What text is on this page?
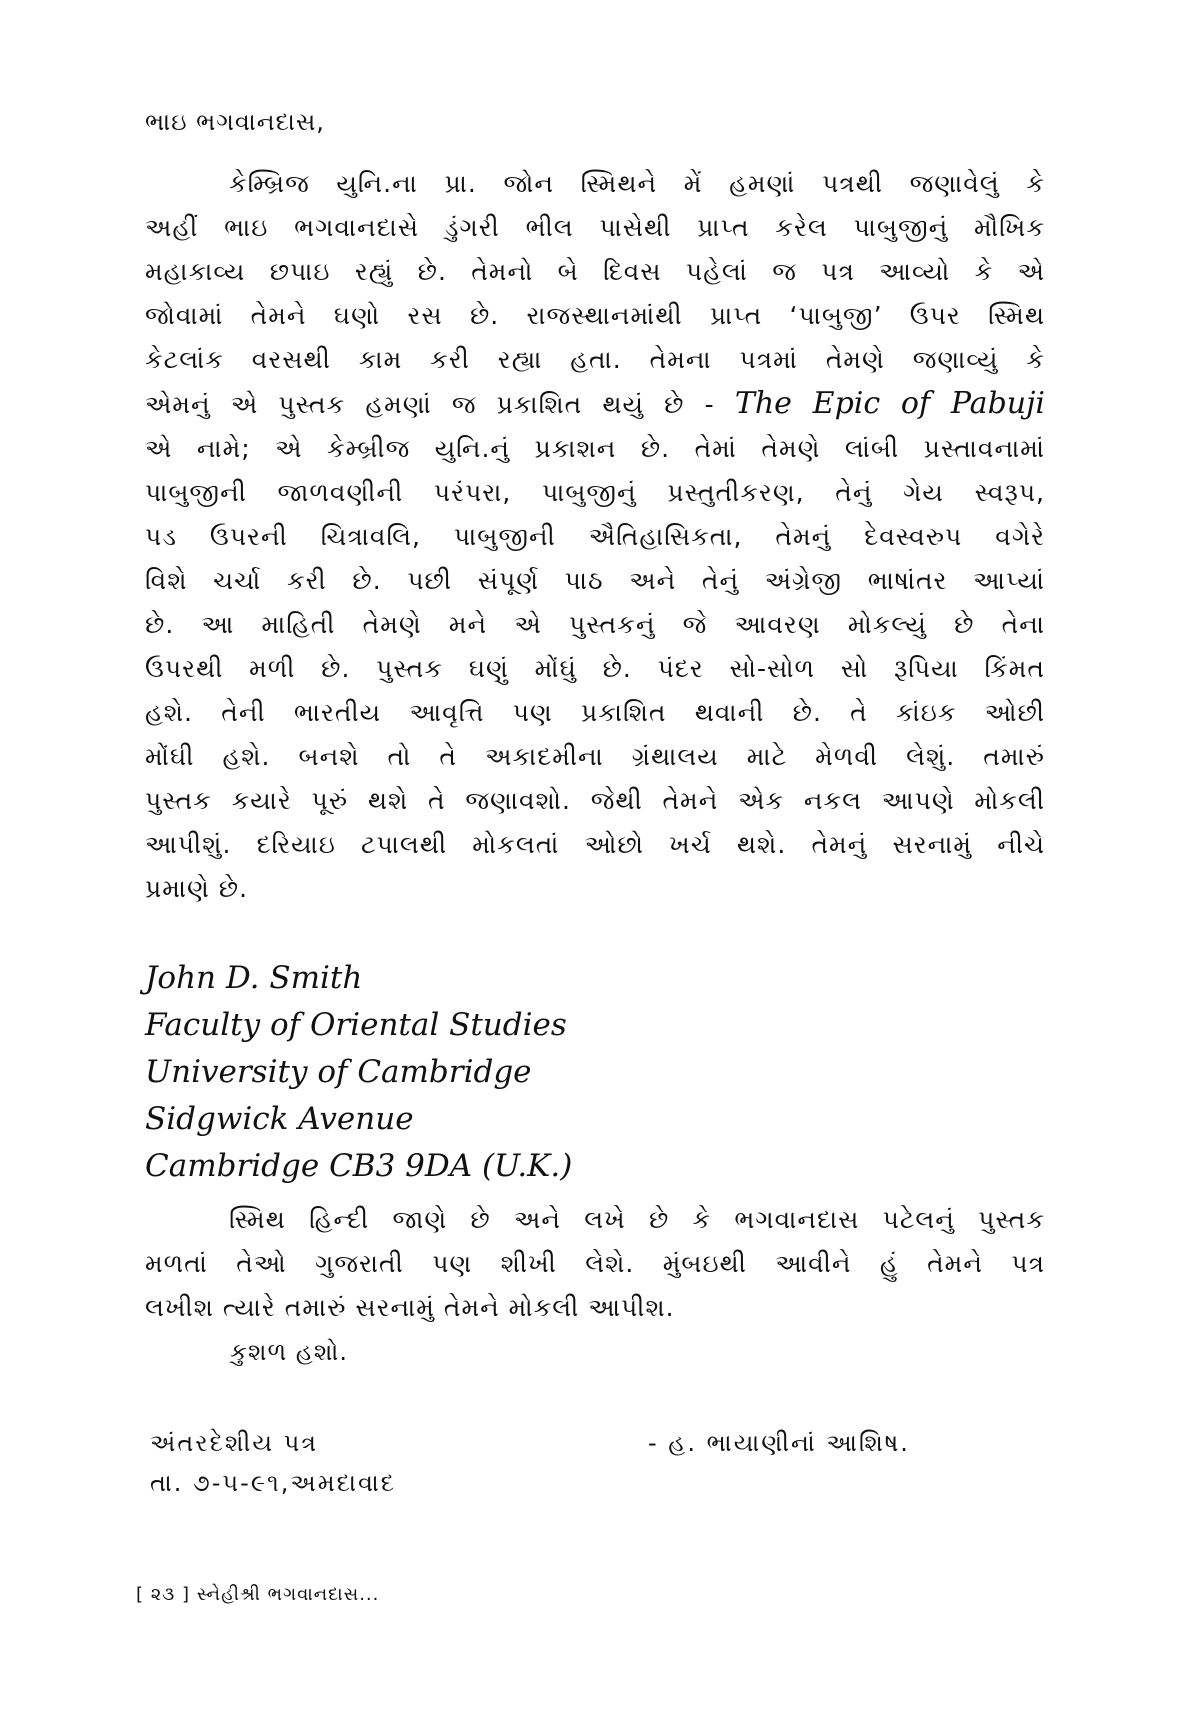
ભાઇ ભગવાનદાસ,
કેમ્બ્રિજ યુનિ.ના પ્રા. જોન સ્મિથને મેં હમણાં પત્રથી જણાવેલું કે
અહીં ભાઇ ભગવાનદાસે ડુંગરી ભીલ પાસેથી પ્રાપ્ત કરેલ પાબુજીનું મૌખિક
મહાકાવ્ય છપાઇ રહ્યું છે. તેમનો બે દિવસ પહેલાં જ પત્ર આવ્યો કે એ
જોવામાં તેમને ઘણો રસ છે. રાજસ્થાનમાંથી પ્રાપ્ત ‘પાબુજી’ ઉપર સ્મિથ
કેટલાંક વરસથી કામ કરી રહ્યા હતા. તેમના પત્રમાં તેમણે જણાવ્યું કે
એમનું એ પુસ્તક હમણાં જ પ્રકાશિત થયું છે - The Epic of Pabuji
એ નામે; એ કેમ્બ્રીજ યુનિ.નું પ્રકાશન છે. તેમાં તેમણે લાંબી પ્રસ્તાવનામાં
પાબુજીની જાળવણીની પરંપરા, પાબુજીનું પ્રસ્તુતીકરણ, તેનું ગેય સ્વરૂપ,
પડ ઉપરની ચિત્રાવલિ, પાબુજીની ઐતિહાસિકતા, તેમનું દેવસ્વરુપ વગેરે
વિશે ચર્ચા કરી છે. પછી સંપૂર્ણ પાઠ અને તેનું અંગ્રેજી ભાષાંતર આપ્યાં
છે. આ માહિતી તેમણે મને એ પુસ્તકનું જે આવરણ મોકલ્યું છે તેના
ઉપરથી મળી છે. પુસ્તક ઘણું મોંઘું છે. પંદર સો-સોળ સો રૂપિયા કિંમત
હશે. તેની ભારતીય આવૃત્તિ પણ પ્રકાશિત થવાની છે. તે કાંઇક ઓછી
મોંઘી હશે. બનશે તો તે અકાદમીના ગ્રંથાલય માટે મેળવી લેશું. તમારું
પુસ્તક કયારે પૂરું થશે તે જણાવશો. જેથી તેમને એક નકલ આપણે મોકલી
આપીશું. દરિયાઇ ટપાલથી મોકલતાં ઓછો ખર્ચ થશે. તેમનું સરનામું નીચે
પ્રમાણે છે.
John D. Smith
Faculty of Oriental Studies
University of Cambridge
Sidgwick Avenue
Cambridge CB3 9DA (U.K.)
સ્મિથ હિન્દી જાણે છે અને લખે છે કે ભગવાનદાસ પટેલનું પુસ્તક
મળતાં તેઓ ગુજરાતી પણ શીખી લેશે. મુંબઇથી આવીને હું તેમને પત્ર
લખીશ ત્યારે તમારું સરનામું તેમને મોકલી આપીશ.
કુશળ હશો.
અંતરદેશીય પત્ર
તા. ૭-૫-૯૧,અમદાવાદ
- હ. ભાયાણીનાં આશિષ.
[ ૨૩ ] સ્નેહીશ્રી ભગવાનદાસ...
